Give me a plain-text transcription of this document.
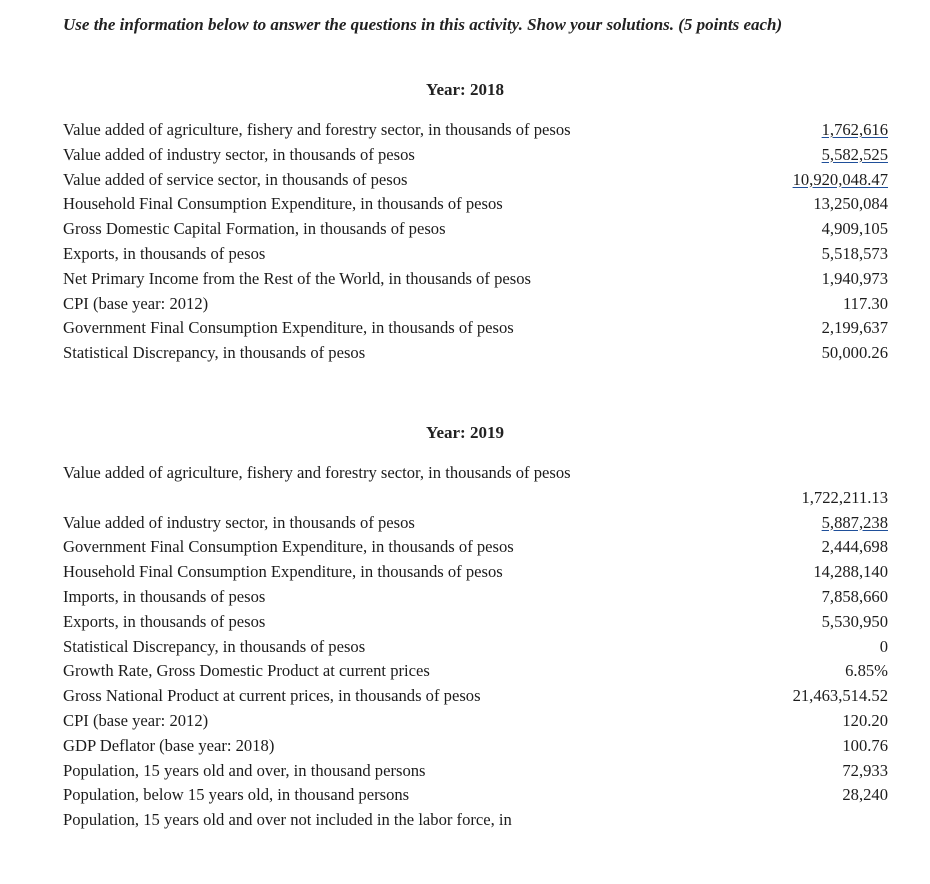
Use the information below to answer the questions in this activity. Show your solutions. (5 points each)
Year: 2018
Value added of agriculture, fishery and forestry sector, in thousands of pesos	1,762,616
Value added of industry sector, in thousands of pesos	5,582,525
Value added of service sector, in thousands of pesos	10,920,048.47
Household Final Consumption Expenditure, in thousands of pesos	13,250,084
Gross Domestic Capital Formation, in thousands of pesos	4,909,105
Exports, in thousands of pesos	5,518,573
Net Primary Income from the Rest of the World, in thousands of pesos	1,940,973
CPI (base year: 2012)	117.30
Government Final Consumption Expenditure, in thousands of pesos	2,199,637
Statistical Discrepancy, in thousands of pesos	50,000.26
Year: 2019
Value added of agriculture, fishery and forestry sector, in thousands of pesos
1,722,211.13
Value added of industry sector, in thousands of pesos	5,887,238
Government Final Consumption Expenditure, in thousands of pesos	2,444,698
Household Final Consumption Expenditure, in thousands of pesos	14,288,140
Imports, in thousands of pesos	7,858,660
Exports, in thousands of pesos	5,530,950
Statistical Discrepancy, in thousands of pesos	0
Growth Rate, Gross Domestic Product at current prices	6.85%
Gross National Product at current prices, in thousands of pesos	21,463,514.52
CPI (base year: 2012)	120.20
GDP Deflator (base year: 2018)	100.76
Population, 15 years old and over, in thousand persons	72,933
Population, below 15 years old, in thousand persons	28,240
Population, 15 years old and over not included in the labor force, in
